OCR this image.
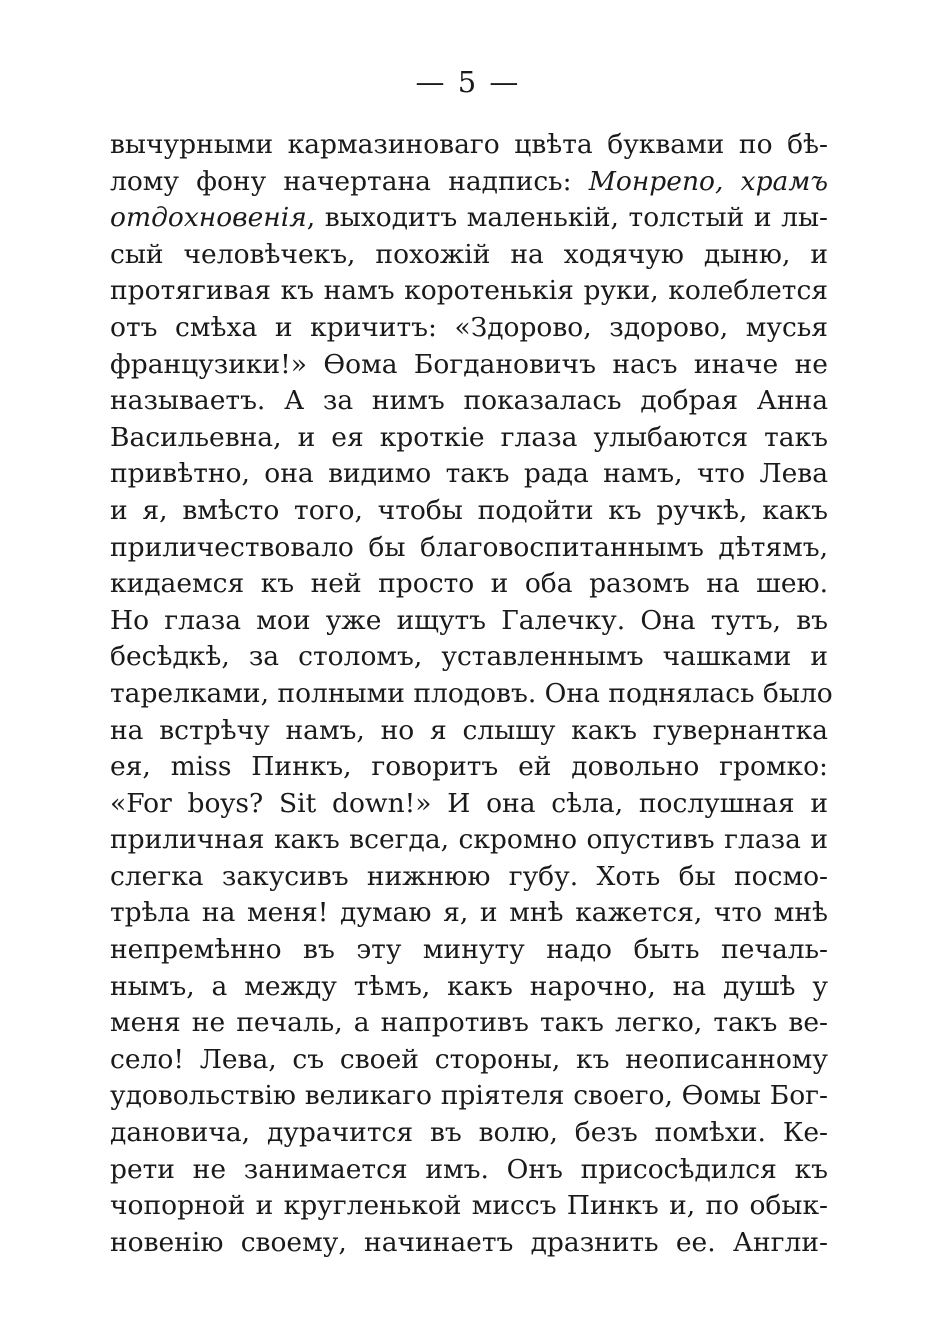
— 5 —
вычурными кармазиноваго цвѣта буквами по бѣ-
лому фону начертана надпись: Монрепо, храмъ
отдохновенія, выходитъ маленькій, толстый и лы-
сый человѣчекъ, похожій на ходячую дыню, и
протягивая къ намъ коротенькія руки, колеблется
отъ смѣха и кричитъ: «Здорово, здорово, мусья
французики!» Ѳома Богдановичъ насъ иначе не
называетъ. А за нимъ показалась добрая Анна
Васильевна, и ея кроткіе глаза улыбаются такъ
привѣтно, она видимо такъ рада намъ, что Лева
и я, вмѣсто того, чтобы подойти къ ручкѣ, какъ
приличествовало бы благовоспитаннымъ дѣтямъ,
кидаемся къ ней просто и оба разомъ на шею.
Но глаза мои уже ищутъ Галечку. Она тутъ, въ
бесѣдкѣ, за столомъ, уставленнымъ чашками и
тарелками, полными плодовъ. Она поднялась было
на встрѣчу намъ, но я слышу какъ гувернантка
ея, miss Пинкъ, говоритъ ей довольно громко:
«For boys? Sit down!» И она сѣла, послушная и
приличная какъ всегда, скромно опустивъ глаза и
слегка закусивъ нижнюю губу. Хоть бы посмо-
трѣла на меня! думаю я, и мнѣ кажется, что мнѣ
непремѣнно въ эту минуту надо быть печаль-
нымъ, а между тѣмъ, какъ нарочно, на душѣ у
меня не печаль, а напротивъ такъ легко, такъ ве-
село! Лева, съ своей стороны, къ неописанному
удовольствію великаго пріятеля своего, Ѳомы Бог-
дановича, дурачится въ волю, безъ помѣхи. Ке-
рети не занимается имъ. Онъ присосѣдился къ
чопорной и кругленькой миссъ Пинкъ и, по обык-
новенію своему, начинаетъ дразнить ее. Англи-
